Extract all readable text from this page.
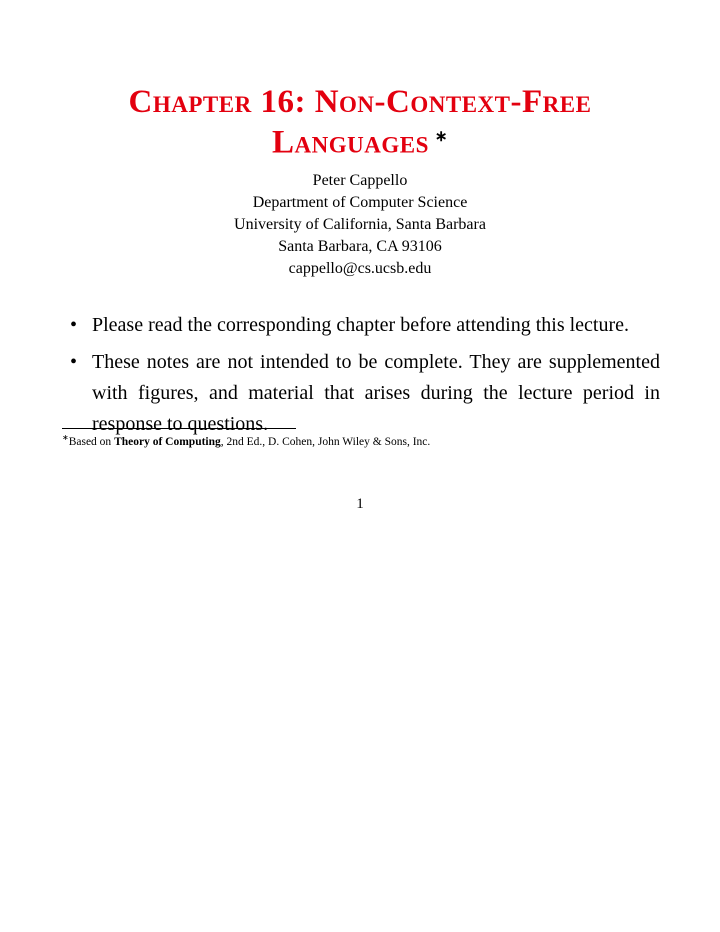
Chapter 16: Non-Context-Free
Languages ∗
Peter Cappello
Department of Computer Science
University of California, Santa Barbara
Santa Barbara, CA 93106
cappello@cs.ucsb.edu
• Please read the corresponding chapter before attending this lecture.
• These notes are not intended to be complete. They are supplemented with figures, and material that arises during the lecture period in response to questions.
∗Based on Theory of Computing, 2nd Ed., D. Cohen, John Wiley & Sons, Inc.
1
